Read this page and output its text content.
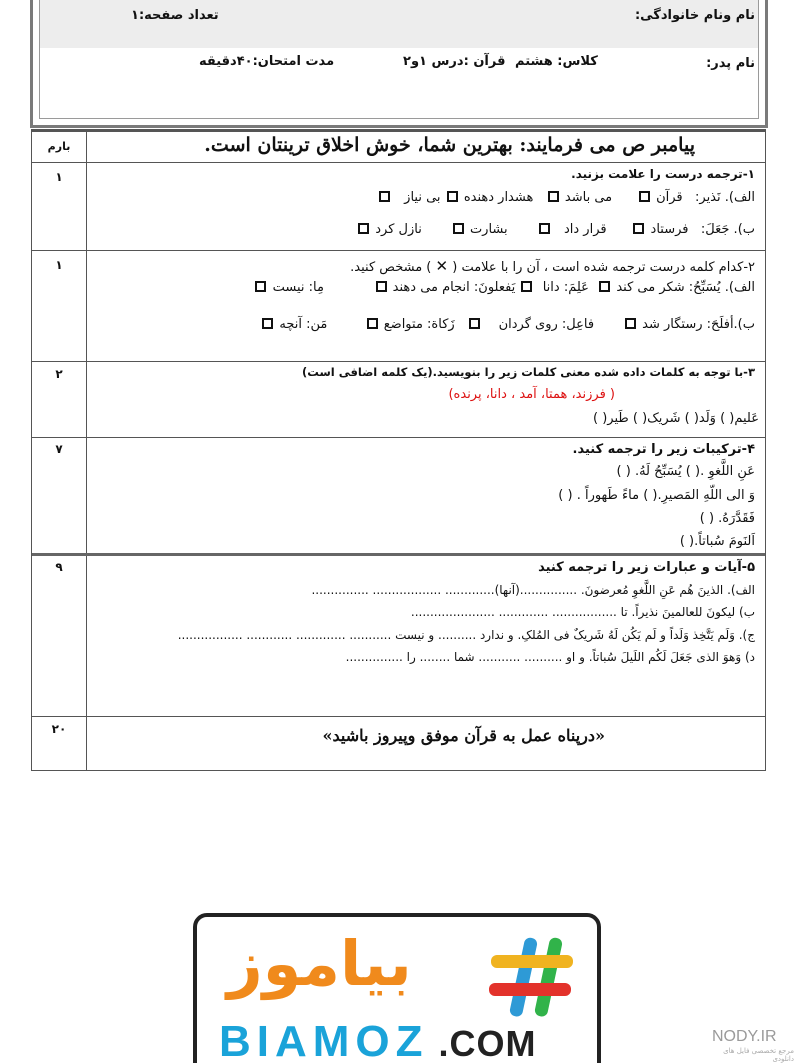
نام ونام خانوادگی:
تعداد صفحه:۱
نام پدر:
کلاس: هشتم
قرآن :درس ۱و۲
مدت امتحان:۴۰دقیقه
بارم	پیامبر ص می فرمایند: بهترین شما، خوش اخلاق ترینتان است.
۱	۱-ترجمه درست را علامت بزنید.
الف). نَذیر:   قرآن       می باشد    هشدار دهنده  بی نیاز
ب). جَعَلَ:   فرستاد       قرار داد          بشارت        نازل کرد
۱	۲-کدام کلمه درست ترجمه شده است ، آن را با علامت ( ✕ ) مشخص کنید.
الف). یُسَبِّحُ: شکر می کند   عَلِمَ: دانا   یَفعلونَ: انجام می دهند             مِا: نیست
ب).أفلَحَ: رستگار شد        فاعِل: روی گردان       زَکاة: متواضع          مَن: آنچه
۲	۳-با توجه به کلمات داده شده معنی کلمات زیر را بنویسید.(یک کلمه اضافی است)
( فرزند، همتا، آمد ، دانا، پرنده)
عَلیم( ) وَلَد( ) شَریک( ) طَیر( )
۷	۴-ترکیبات زیر را ترجمه کنید.
عَنِ اللَّغوِ .( ) یُسَبِّحُ لَهُ. ( )
وَ الی اللّهِ المَصیرِ.( ) ماءً طَهوراً . ( )
فَقَدَّرَهُ. ( )
اَلنَومَ سُباتاً.( )
۹	۵-آیات و عبارات زیر را ترجمه کنید
الف). الذینَ هُم عَنِ اللَّغوِ مُعرضونَ. ...............(آنها)............. .................. ...............
ب) لیکونَ للعالمینَ نذیراً. تا ................. ............. ......................
ج). وَلَم یَتَّخِذ وَلَداً و لَم یَکُن لَهُ شَریکٌ فی المُلکِ. و ندارد .......... و نیست ........... ............. ............ .................
د) وَهوَ الذی جَعَلَ لَکُم اللَیلَ سُباتاً. و او .......... ........... شما ........ را ...............
۲۰	«درپناه عمل به قرآن موفق وپیروز باشید»
بیاموز
BIAMOZ .COM	NODY.IR
مرجع تخصصی فایل های دانلودی
